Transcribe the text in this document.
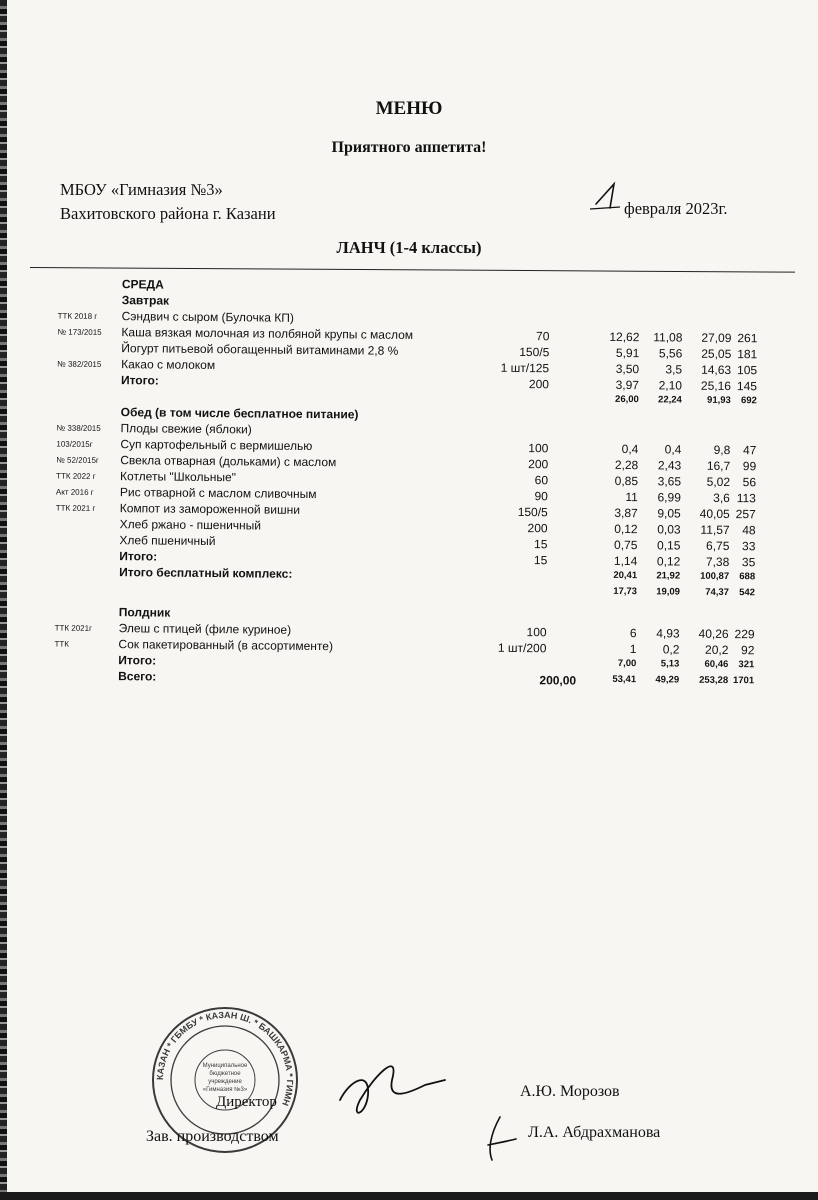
МЕНЮ
Приятного аппетита!
МБОУ «Гимназия №3»
Вахитовского района г. Казани	февраля 2023г.
ЛАНЧ (1-4 классы)
СРЕДА
Завтрак
ТТК 2018 г Сэндвич с сыром (Булочка КП)
№ 173/2015 Каша вязкая молочная из полбяной крупы с маслом	70	12,62	11,08	27,09 261
Йогурт питьевой обогащенный витаминами 2,8 %	150/5	5,91	5,56	25,05 181
№ 382/2015 Какао с молоком	1 шт/125	3,50	3,5	14,63 105
Итого:	200	3,97	2,10	25,16 145
26,00	22,24	91,93	692
Обед (в том числе бесплатное питание)
№ 338/2015 Плоды свежие (яблоки)
103/2015г Суп картофельный с вермишелью	100	0,4	0,4	9,8	47
№ 52/2015г Свекла отварная (дольками) с маслом	200	2,28	2,43	16,7	99
ТТК 2022 г Котлеты "Школьные"	60	0,85	3,65	5,02	56
Акт 2016 г Рис отварной с маслом сливочным	90	11	6,99	3,6 113
ТТК 2021 г Компот из замороженной вишни	150/5	3,87	9,05	40,05 257
Хлеб ржано - пшеничный	200	0,12	0,03	11,57	48
Хлеб пшеничный	15	0,75	0,15	6,75	33
Итого:	15	1,14	0,12	7,38	35
Итого бесплатный комплекс:	20,41	21,92	100,87	688
17,73	19,09	74,37	542
Полдник
ТТК 2021г Элеш с птицей (филе куриное)	100	6	4,93	40,26 229
ТТК	Сок пакетированный (в ассортименте)	1 шт/200	1	0,2	20,2	92
Итого:	7,00	5,13	60,46	321
Всего:	200,00	53,41	49,29	253,28 1701
КАЗАН * ГБМБУ * КАЗАН Ш. * БАШКАРМА * ГИМН
Муниципальное
бюджетное
учреждение
«Гимназия №3»
Директор
А.Ю. Морозов
Зав. производством	Л.А. Абдрахманова
